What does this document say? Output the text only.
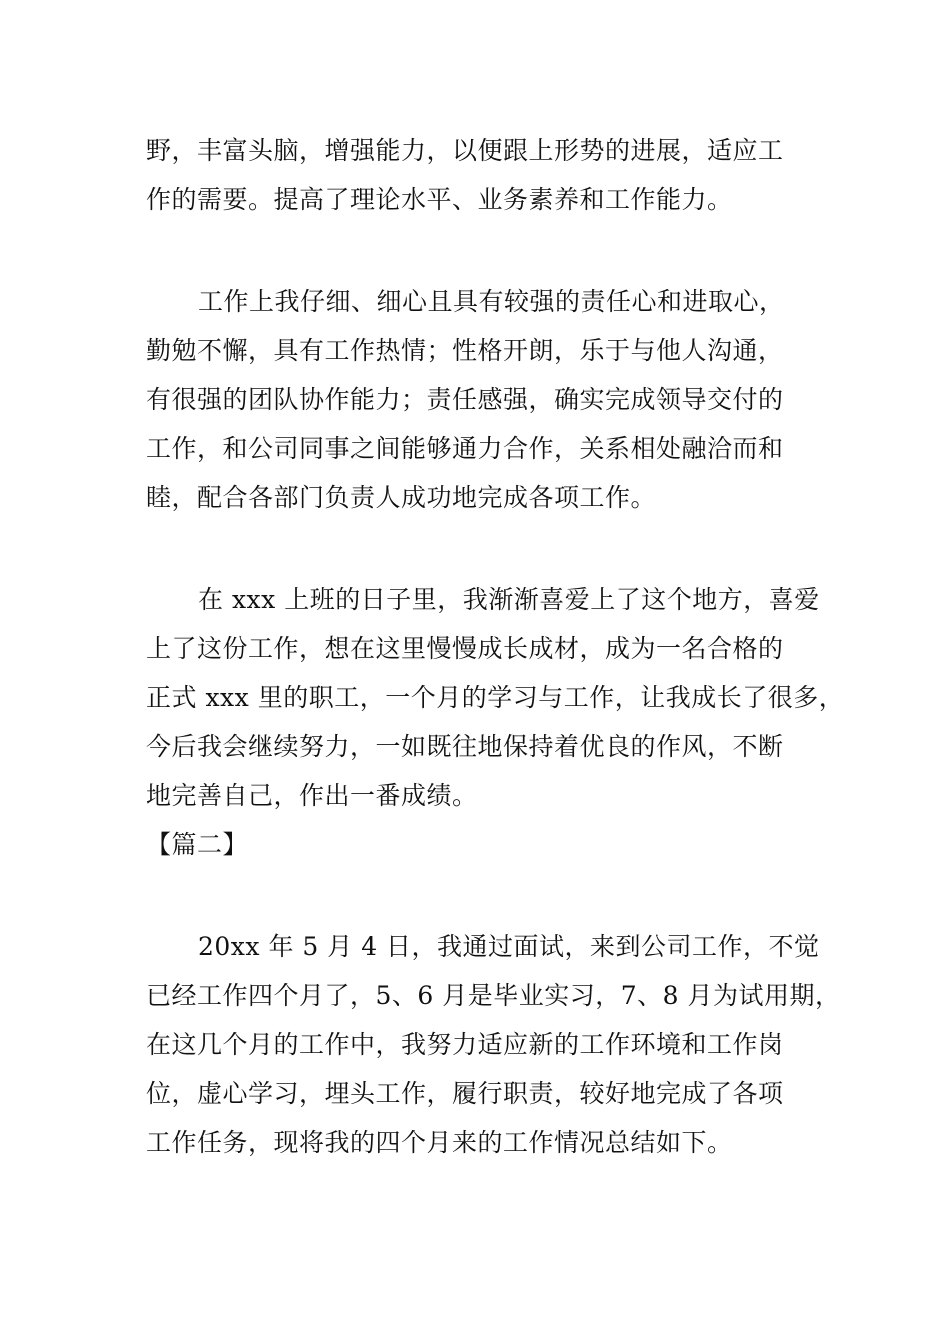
野，丰富头脑，增强能力，以便跟上形势的进展，适应工

作的需要。提高了理论水平、业务素养和工作能力。

工作上我仔细、细心且具有较强的责任心和进取心，

勤勉不懈，具有工作热情；性格开朗，乐于与他人沟通，

有很强的团队协作能力；责任感强，确实完成领导交付的

工作，和公司同事之间能够通力合作，关系相处融洽而和

睦，配合各部门负责人成功地完成各项工作。

在 xxx 上班的日子里，我渐渐喜爱上了这个地方，喜爱

上了这份工作，想在这里慢慢成长成材，成为一名合格的

正式 xxx 里的职工，一个月的学习与工作，让我成长了很多，

今后我会继续努力，一如既往地保持着优良的作风，不断

地完善自己，作出一番成绩。

【篇二】

20xx 年 5 月 4 日，我通过面试，来到公司工作，不觉

已经工作四个月了，5、6 月是毕业实习，7、8 月为试用期，

在这几个月的工作中，我努力适应新的工作环境和工作岗

位，虚心学习，埋头工作，履行职责，较好地完成了各项

工作任务，现将我的四个月来的工作情况总结如下。
